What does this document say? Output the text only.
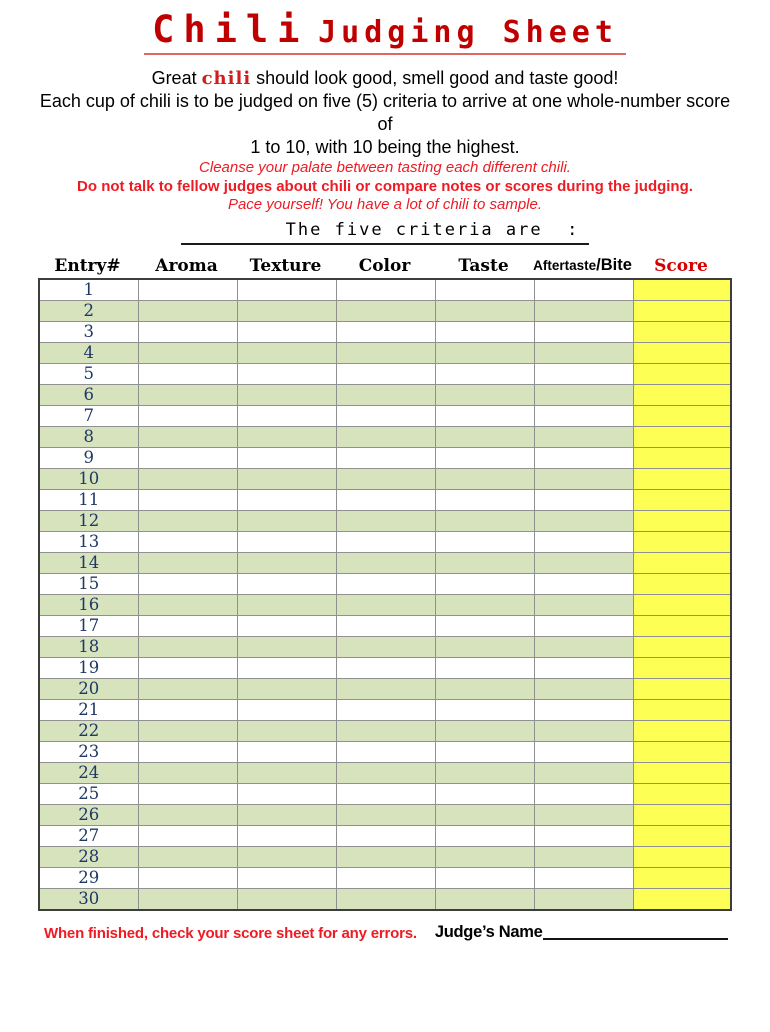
Chili Judging Sheet
Great chili should look good, smell good and taste good!
Each cup of chili is to be judged on five (5) criteria to arrive at one whole-number score
of
1 to 10, with 10 being the highest.
Cleanse your palate between tasting each different chili.
Do not talk to fellow judges about chili or compare notes or scores during the judging.
Pace yourself! You have a lot of chili to sample.
The five criteria are  :
Entry#	Aroma	Texture	Color	Taste	Aftertaste/Bite	Score
1						
2						
3						
4						
5						
6						
7						
8						
9						
10						
11						
12						
13						
14						
15						
16						
17						
18						
19						
20						
21						
22						
23						
24						
25						
26						
27						
28						
29						
30						
When finished, check your score sheet for any errors. Judge’s Name
